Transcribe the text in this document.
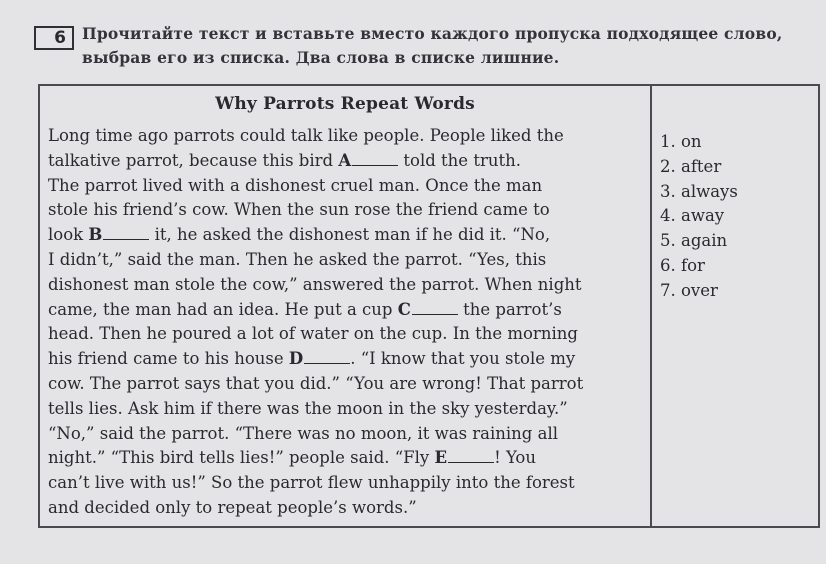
6	Прочитайте текст и вставьте вместо каждого пропуска подходящее слово,
выбрав его из списка. Два слова в списке лишние.
Why Parrots Repeat Words
Long time ago parrots could talk like people. People liked the
talkative parrot, because this bird A	told the truth.
The parrot lived with a dishonest cruel man. Once the man
stole his friend’s cow. When the sun rose the friend came to
look B	it, he asked the dishonest man if he did it. “No,
I didn’t,” said the man. Then he asked the parrot. “Yes, this
dishonest man stole the cow,” answered the parrot. When night
came, the man had an idea. He put a cup C	the parrot’s
head. Then he poured a lot of water on the cup. In the morning
his friend came to his house D	. “I know that you stole my
cow. The parrot says that you did.” “You are wrong! That parrot
tells lies. Ask him if there was the moon in the sky yesterday.”
“No,” said the parrot. “There was no moon, it was raining all
night.” “This bird tells lies!” people said. “Fly E	! You
can’t live with us!” So the parrot flew unhappily into the forest
and decided only to repeat people’s words.”
1. on
2. after
3. always
4. away
5. again
6. for
7. over
